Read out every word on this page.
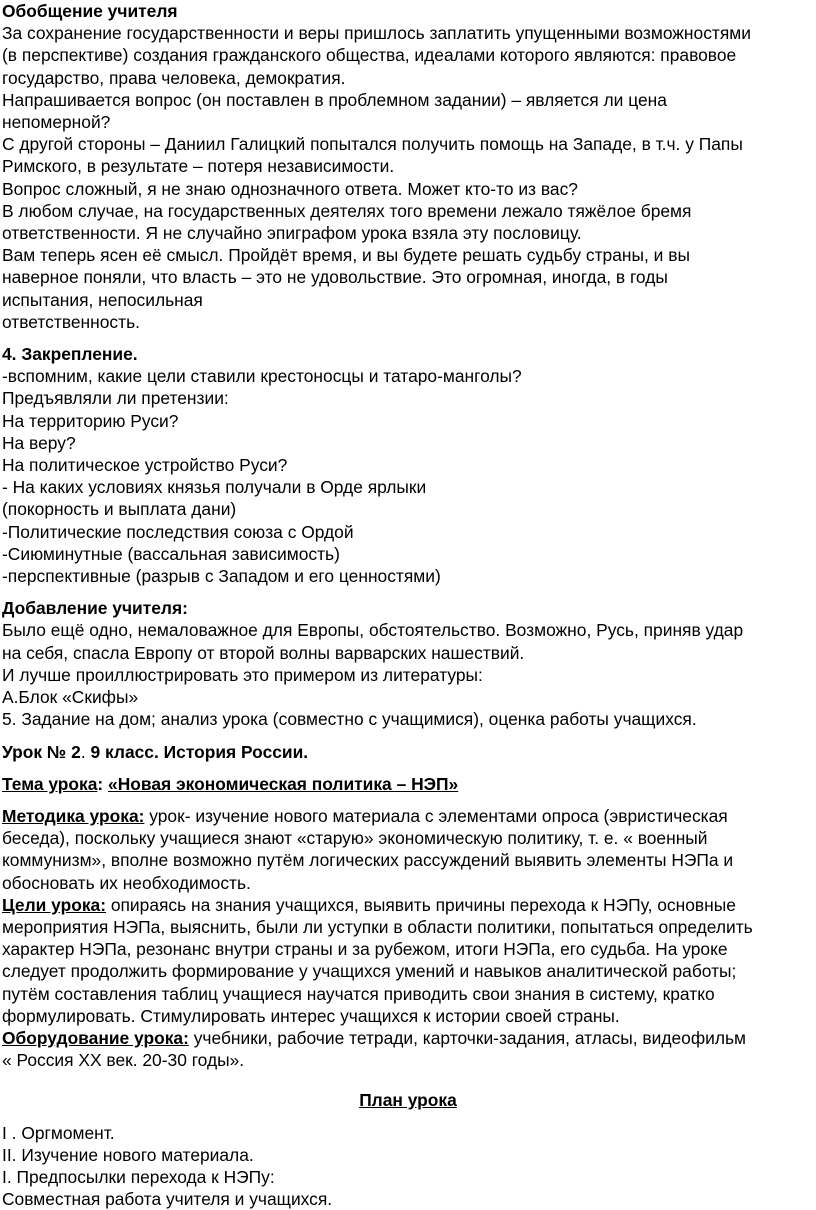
Обобщение учителя

За сохранение государственности и веры пришлось заплатить упущенными возможностями

(в перспективе) создания гражданского общества, идеалами которого являются: правовое

государство, права человека, демократия.

Напрашивается вопрос (он поставлен в проблемном задании) – является ли цена

непомерной?

С другой стороны – Даниил Галицкий попытался получить помощь на Западе, в т.ч. у Папы

Римского, в результате – потеря независимости.

Вопрос сложный, я не знаю однозначного ответа. Может кто-то из вас?

В любом случае, на государственных деятелях того времени лежало тяжёлое бремя

ответственности. Я не случайно эпиграфом урока взяла эту пословицу.

Вам теперь ясен её смысл. Пройдёт время, и вы будете решать судьбу страны, и вы

наверное поняли, что власть – это не удовольствие. Это огромная, иногда, в годы

испытания, непосильная

ответственность.

4. Закрепление.

-вспомним, какие цели ставили крестоносцы и татаро-манголы?

Предъявляли ли претензии:

На территорию Руси?

На веру?

На политическое устройство Руси?

- На каких условиях князья получали в Орде ярлыки

(покорность и выплата дани)

-Политические последствия союза с Ордой

-Сиюминутные (вассальная зависимость)

-перспективные (разрыв с Западом и его ценностями)

Добавление учителя:

Было ещё одно, немаловажное для Европы, обстоятельство. Возможно, Русь, приняв удар

на себя, спасла Европу от второй волны варварских нашествий.

И лучше проиллюстрировать это примером из литературы:

А.Блок «Скифы»

5. Задание на дом; анализ урока (совместно с учащимися), оценка работы учащихся.

Урок № 2. 9 класс. История России.

Тема урока: «Новая экономическая политика – НЭП»

Методика урока: урок- изучение нового материала с элементами опроса (эвристическая

беседа), поскольку учащиеся знают «старую» экономическую политику, т. е. « военный

коммунизм», вполне возможно путём логических рассуждений выявить элементы НЭПа и

обосновать их необходимость.

Цели урока: опираясь на знания учащихся, выявить причины перехода к НЭПу, основные

мероприятия НЭПа, выяснить, были ли уступки в области политики, попытаться определить

характер НЭПа, резонанс внутри страны и за рубежом, итоги НЭПа, его судьба. На уроке

следует продолжить формирование у учащихся умений и навыков аналитической работы;

путём составления таблиц учащиеся научатся приводить свои знания в систему, кратко

формулировать. Стимулировать интерес учащихся к истории своей страны.

Оборудование урока: учебники, рабочие тетради, карточки-задания, атласы, видеофильм

« Россия ХХ век. 20-30 годы».

План урока

I . Оргмомент.

II. Изучение нового материала.

I. Предпосылки перехода к НЭПу:

Совместная работа учителя и учащихся.
